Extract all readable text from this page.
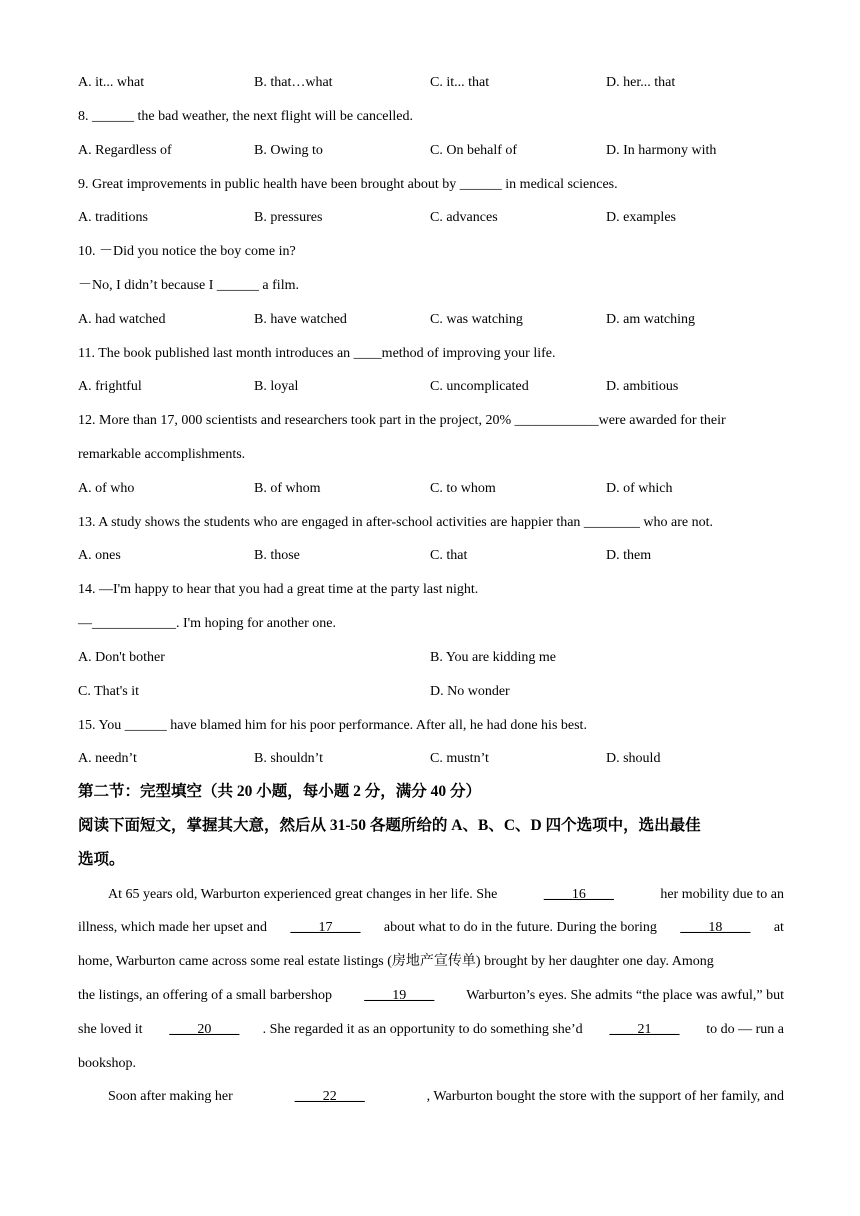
A. it... what	B. that…what	C. it... that	D. her... that
8. ______ the bad weather, the next flight will be cancelled.
A. Regardless of	B. Owing to	C. On behalf of	D. In harmony with
9. Great improvements in public health have been brought about by ______ in medical sciences.
A. traditions	B. pressures	C. advances	D. examples
10. －Did you notice the boy come in?
－No, I didn’t because I ______ a film.
A. had watched	B. have watched	C. was watching	D. am watching
11. The book published last month introduces an ____method of improving your life.
A. frightful	B. loyal	C. uncomplicated	D. ambitious
12. More than 17, 000 scientists and researchers took part in the project, 20% ____________were awarded for their
remarkable accomplishments.
A. of who	B. of whom	C. to whom	D. of which
13. A study shows the students who are engaged in after-school activities are happier than ________ who are not.
A. ones	B. those	C. that	D. them
14. —I'm happy to hear that you had a great time at the party last night.
—____________. I'm hoping for another one.
A. Don't bother	B. You are kidding me
C. That's it	D. No wonder
15. You ______ have blamed him for his poor performance. After all, he had done his best.
A. needn’t	B. shouldn’t	C. mustn’t	D. should
第二节：完型填空（共 20 小题，每小题 2 分，满分 40 分）
阅读下面短文，掌握其大意，然后从 31-50 各题所给的 A、B、C、D 四个选项中，选出最佳
选项。
At 65 years old, Warburton experienced great changes in her life. She	____16____	her mobility due to an
illness, which made her upset and ____17____ about what to do in the future. During the boring ____18____ at
home, Warburton came across some real estate listings (房地产宣传单) brought by her daughter one day. Among
the listings, an offering of a small barbershop ____19____ Warburton’s eyes. She admits “the place was awful,” but
she loved it ____20____ . She regarded it as an opportunity to do something she’d ____21____ to do — run a
bookshop.
Soon after making her	____22____	, Warburton bought the store with the support of her family, and
